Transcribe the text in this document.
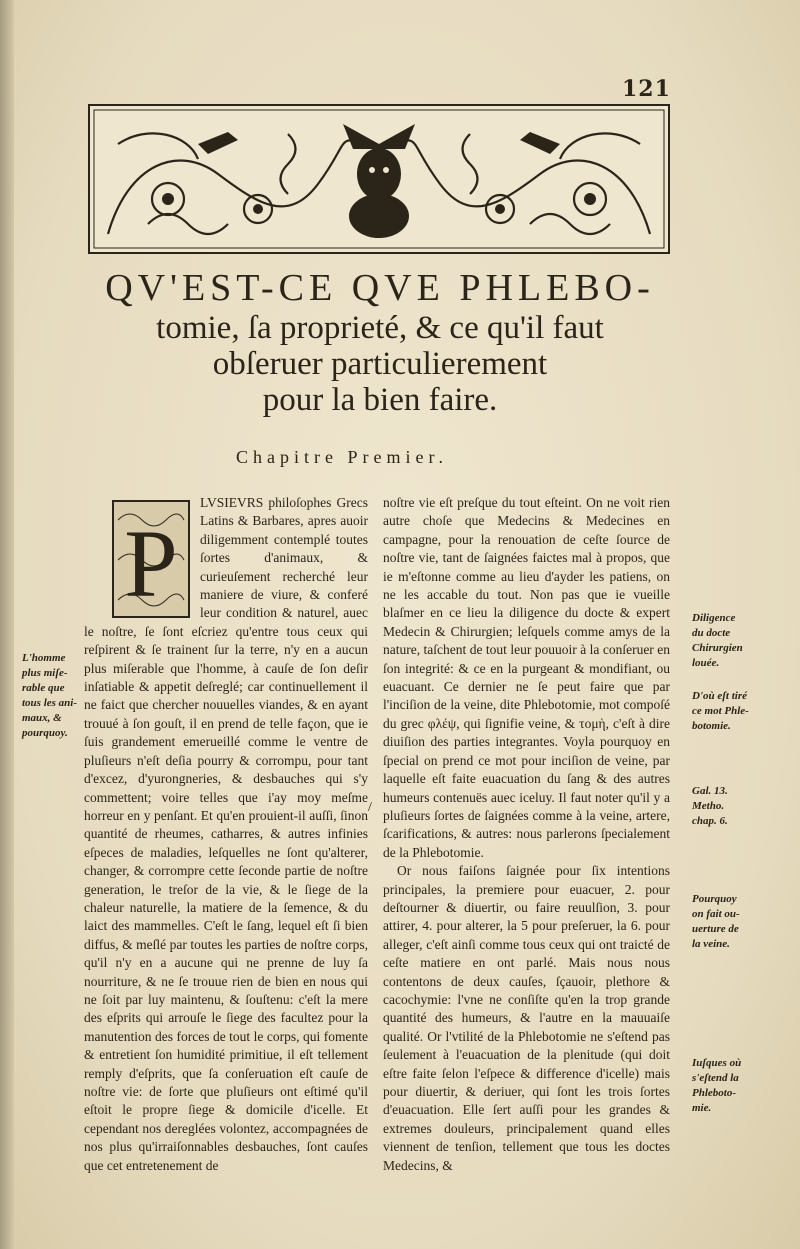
121
QV'EST-CE QVE PHLEBO-
tomie, ſa proprieté, & ce qu'il faut
obſeruer particulierement
pour la bien faire.
Chapitre Premier.
P

LVSIEVRS philoſophes Grecs Latins & Barbares, apres auoir diligemment contemplé toutes ſortes d'animaux, & curieuſement recherché leur maniere de viure, & conferé leur condition & naturel, auec le noſtre, ſe ſont eſcriez qu'entre tous ceux qui reſpirent & ſe trainent ſur la terre, n'y en a aucun plus miſerable que l'homme, à cauſe de ſon deſir inſatiable & appetit deſreglé; car continuellement il ne faict que chercher nouuelles viandes, & en ayant trouué à ſon gouſt, il en prend de telle façon, que ie ſuis grandement emerueillé comme le ventre de pluſieurs n'eſt deſia pourry & corrompu, pour tant d'excez, d'yurongneries, & desbauches qui s'y commettent; voire telles que i'ay moy meſme horreur en y penſant. Et qu'en prouient-il auſſi, ſinon quantité de rheumes, catharres, & autres infinies eſpeces de maladies, leſquelles ne ſont qu'alterer, changer, & corrompre cette ſeconde partie de noſtre generation, le treſor de la vie, & le ſiege de la chaleur naturelle, la matiere de la ſemence, & du laict des mammelles. C'eſt le ſang, lequel eſt ſi bien diffus, & meſlé par toutes les parties de noſtre corps, qu'il n'y en a aucune qui ne prenne de luy ſa nourriture, & ne ſe trouue rien de bien en nous qui ne ſoit par luy maintenu, & ſouſtenu: c'eſt la mere des eſprits qui arrouſe le ſiege des facultez pour la manutention des forces de tout le corps, qui fomente & entretient ſon humidité primitiue, il eſt tellement remply d'eſprits, que ſa conſeruation eſt cauſe de noſtre vie: de ſorte que pluſieurs ont eſtimé qu'il eſtoit le propre ſiege & domicile d'icelle. Et cependant nos dereglées volontez, accompagnées de nos plus qu'irraiſonnables desbauches, ſont cauſes que cet entretenement de

L'homme
plus miſe-
rable que
tous les ani-
maux, &
pourquoy.

noſtre vie eſt preſque du tout eſteint. On ne voit rien autre choſe que Medecins & Medecines en campagne, pour la renouation de ceſte ſource de noſtre vie, tant de ſaignées faictes mal à propos, que ie m'eſtonne comme au lieu d'ayder les patiens, on ne les accable du tout. Non pas que ie vueille blaſmer en ce lieu la diligence du docte & expert Medecin & Chirurgien; leſquels comme amys de la nature, taſchent de tout leur pouuoir à la conſeruer en ſon integrité: & ce en la purgeant & mondifiant, ou euacuant. Ce dernier ne ſe peut faire que par l'inciſion de la veine, dite Phlebotomie, mot compoſé du grec φλέψ, qui ſignifie veine, & τομὴ, c'eſt à dire diuiſion des parties integrantes. Voyla pourquoy en ſpecial on prend ce mot pour inciſion de veine, par laquelle eſt faite euacuation du ſang & des autres humeurs contenuës auec iceluy. Il faut noter qu'il y a pluſieurs ſortes de ſaignées comme à la veine, artere, ſcarifications, & autres: nous parlerons ſpecialement de la Phlebotomie.

Or nous faiſons ſaignée pour ſix intentions principales, la premiere pour euacuer, 2. pour deſtourner & diuertir, ou faire reuulſion, 3. pour attirer, 4. pour alterer, la 5 pour preſeruer, la 6. pour alleger, c'eſt ainſi comme tous ceux qui ont traicté de ceſte matiere en ont parlé. Mais nous nous contentons de deux cauſes, ſçauoir, plethore & cacochymie: l'vne ne conſiſte qu'en la trop grande quantité des humeurs, & l'autre en la mauuaiſe qualité. Or l'vtilité de la Phlebotomie ne s'eſtend pas ſeulement à l'euacuation de la plenitude (qui doit eſtre faite ſelon l'eſpece & difference d'icelle) mais pour diuertir, & deriuer, qui ſont les trois ſortes d'euacuation. Elle ſert auſſi pour les grandes & extremes douleurs, principalement quand elles viennent de tenſion, tellement que tous les doctes Medecins, &

/
Diligence
du docte
Chirurgien
louée.
D'où eſt tiré
ce mot Phle-
botomie.
Gal. 13.
Metho.
chap. 6.
Pourquoy
on fait ou-
uerture de
la veine.
Iuſques où
s'eſtend la
Phleboto-
mie.
